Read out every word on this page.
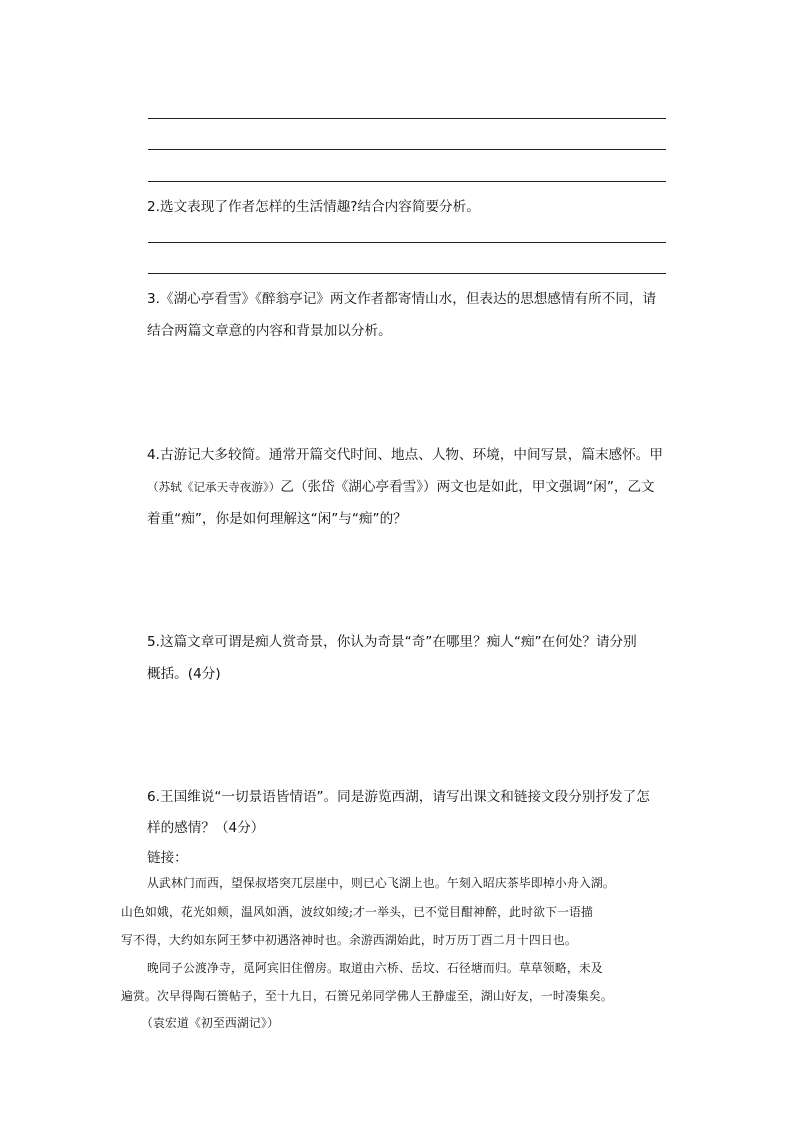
2.选文表现了作者怎样的生活情趣?结合内容简要分析。
3.《湖心亭看雪》《醉翁亭记》两文作者都寄情山水，但表达的思想感情有所不同，请
结合两篇文章意的内容和背景加以分析。
4.古游记大多较简。通常开篇交代时间、地点、人物、环境，中间写景，篇末感怀。甲
（苏轼《记承天寺夜游》）乙（张岱《湖心亭看雪》）两文也是如此，甲文强调“闲”，乙文
着重“痴”，你是如何理解这“闲”与“痴”的？
5.这篇文章可谓是痴人赏奇景，你认为奇景“奇”在哪里？痴人“痴”在何处？请分别
概括。(4分)
6.王国维说“一切景语皆情语”。同是游览西湖，请写出课文和链接文段分别抒发了怎
样的感情？（4分）
链接：
从武林门而西，望保叔塔突兀层崖中，则已心飞湖上也。午刻入昭庆茶毕即棹小舟入湖。
山色如娥，花光如颊，温风如酒，波纹如绫;才一举头，已不觉目酣神醉，此时欲下一语描
写不得，大约如东阿王梦中初遇洛神时也。余游西湖始此，时万历丁酉二月十四日也。
晚同子公渡净寺，觅阿宾旧住僧房。取道由六桥、岳坟、石径塘而归。草草领略，未及
遍赏。次早得陶石篑帖子，至十九日，石篑兄弟同学佛人王静虚至，湖山好友，一时凑集矣。
（袁宏道《初至西湖记》）
